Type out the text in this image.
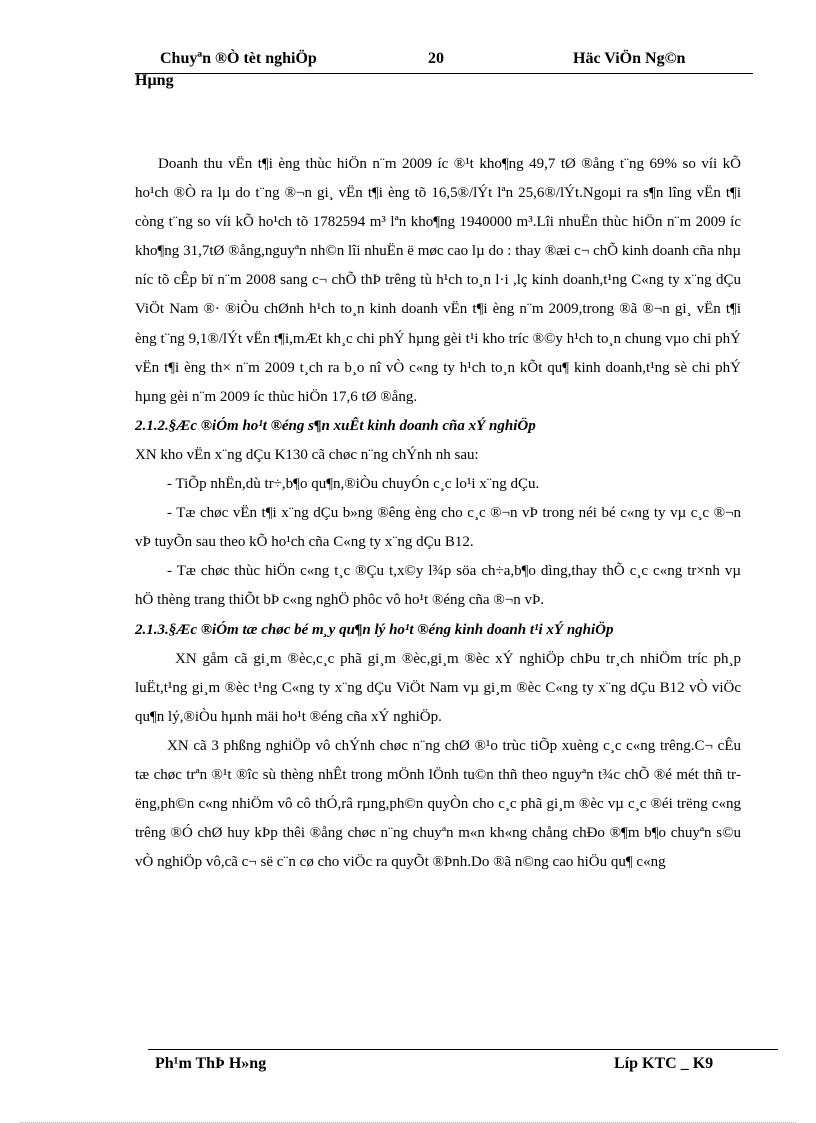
Chuyªn ®Ò tèt nghiÖp	20	Häc ViÖn Ng©n
Hµng

Doanh thu vËn t¶i èng thùc hiÖn n¨m 2009 íc ®¹t kho¶ng 49,7 tØ ®ång t¨ng 69% so víi kÕ ho¹ch ®Ò ra lµ do t¨ng ®¬n gi¸ vËn t¶i èng tõ 16,5®/lÝt lªn 25,6®/lÝt.Ngoµi ra s¶n lîng vËn t¶i còng t¨ng so víi kÕ ho¹ch tõ 1782594 m³ lªn kho¶ng 1940000 m³.Lîi nhuËn thùc hiÖn n¨m 2009 íc kho¶ng 31,7tØ ®ång,nguyªn nh©n lîi nhuËn ë møc cao lµ do : thay ®æi c¬ chÕ kinh doanh cña nhµ níc tõ cÊp bï n¨m 2008 sang c¬ chÕ thÞ trêng tù h¹ch to¸n l·i ,lç kinh doanh,t¹ng C«ng ty x¨ng dÇu ViÖt Nam ®· ®iÒu chØnh h¹ch to¸n kinh doanh vËn t¶i èng n¨m 2009,trong ®ã ®¬n gi¸ vËn t¶i èng t¨ng 9,1®/lÝt vËn t¶i,mÆt kh¸c chi phÝ hµng gèi t¹i kho tríc ®©y h¹ch to¸n chung vµo chi phÝ vËn t¶i èng th× n¨m 2009 t¸ch ra b¸o nî vÒ c«ng ty h¹ch to¸n kÕt qu¶ kinh doanh,t¹ng sè chi phÝ hµng gèi n¨m 2009 íc thùc hiÖn 17,6 tØ ®ång.

2.1.2.§Æc ®iÓm ho¹t ®éng s¶n xuÊt kinh doanh cña xÝ nghiÖp

XN kho vËn x¨ng dÇu K130 cã chøc n¨ng chÝnh nh sau:

- TiÕp nhËn,dù tr÷,b¶o qu¶n,®iÒu chuyÓn c¸c lo¹i x¨ng dÇu.

- Tæ chøc vËn t¶i x¨ng dÇu b»ng ®êng èng cho c¸c ®¬n vÞ trong néi bé c«ng ty vµ c¸c ®¬n vÞ tuyÕn sau theo kÕ ho¹ch cña C«ng ty x¨ng dÇu B12.

- Tæ chøc thùc hiÖn c«ng t¸c ®Çu t,x©y l¾p söa ch÷a,b¶o dìng,thay thÕ c¸c c«ng tr×nh vµ hÖ thèng trang thiÕt bÞ c«ng nghÖ phôc vô ho¹t ®éng cña ®¬n vÞ.

2.1.3.§Æc ®iÓm tæ chøc bé m¸y qu¶n lý ho¹t ®éng kinh doanh t¹i xÝ nghiÖp

XN gåm cã gi¸m ®èc,c¸c phã gi¸m ®èc,gi¸m ®èc xÝ nghiÖp chÞu tr¸ch nhiÖm tríc ph¸p luËt,t¹ng gi¸m ®èc t¹ng C«ng ty x¨ng dÇu ViÖt Nam vµ gi¸m ®èc C«ng ty x¨ng dÇu B12 vÒ viÖc qu¶n lý,®iÒu hµnh mäi ho¹t ®éng cña xÝ nghiÖp.

XN cã 3 phßng nghiÖp vô chÝnh chøc n¨ng chØ ®¹o trùc tiÕp xuèng c¸c c«ng trêng.C¬ cÊu tæ chøc trªn ®¹t ®îc sù thèng nhÊt trong mÖnh lÖnh tu©n thñ theo nguyªn t¾c chÕ ®é mét thñ trëng,ph©n c«ng nhiÖm vô cô thÓ,râ rµng,ph©n quyÒn cho c¸c phã gi¸m ®èc vµ c¸c ®éi trëng c«ng trêng ®Ó chØ huy kÞp thêi ®ång chøc n¨ng chuyªn m«n kh«ng chång chÐo ®¶m b¶o chuyªn s©u vÒ nghiÖp vô,cã c¬ së c¨n cø cho viÖc ra quyÕt ®Þnh.Do ®ã n©ng cao hiÖu qu¶ c«ng

Ph¹m ThÞ H»ng	Líp KTC _ K9
